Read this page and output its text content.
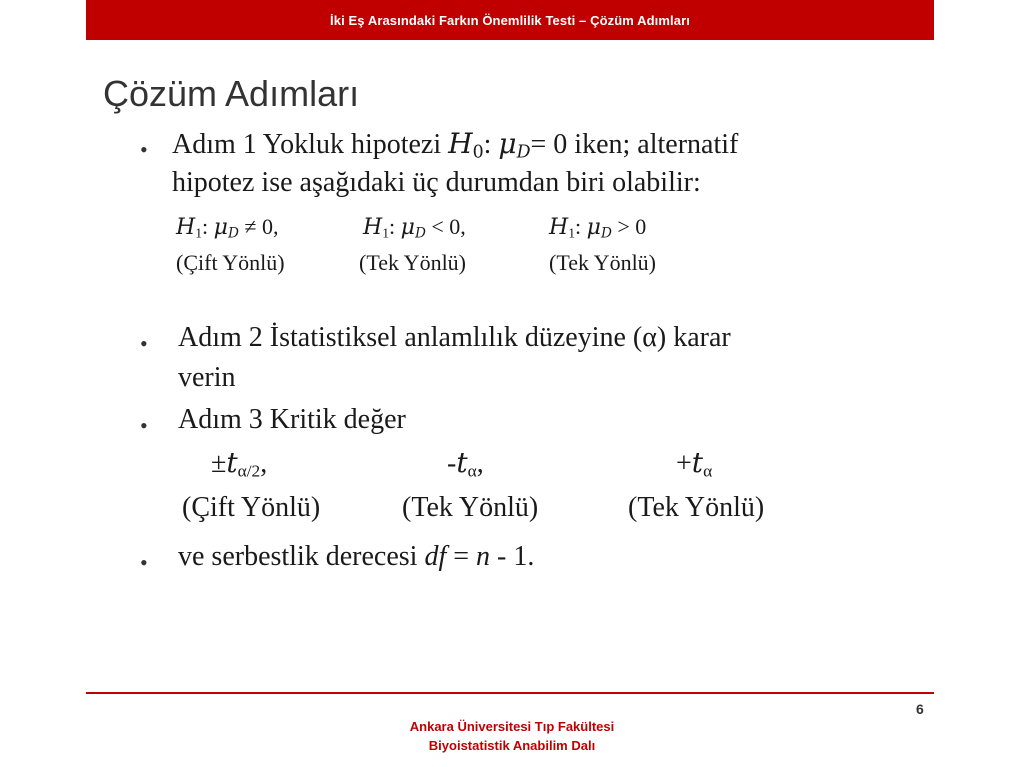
İki Eş Arasındaki Farkın Önemlilik Testi – Çözüm Adımları
Çözüm Adımları
• Adım 1 Yokluk hipotezi $H_0$: $\mu_D= 0$ iken; alternatif
hipotez ise aşağıdaki üç durumdan biri olabilir:
$H_1$: $\mu_D \ne 0$,	$H_1$: $\mu_D < 0$,	$H_1$: $\mu_D > 0$
(Çift Yönlü)	(Tek Yönlü)	(Tek Yönlü)
• Adım 2 İstatistiksel anlamlılık düzeyine (α) karar
verin
• Adım 3 Kritik değer
$\pm t_{\alpha/2}$,	$-t_\alpha$,	$+t_\alpha$
(Çift Yönlü)	(Tek Yönlü)	(Tek Yönlü)
• ve serbestlik derecesi df = n - 1.
6
Ankara Üniversitesi Tıp Fakültesi
Biyoistatistik Anabilim Dalı
